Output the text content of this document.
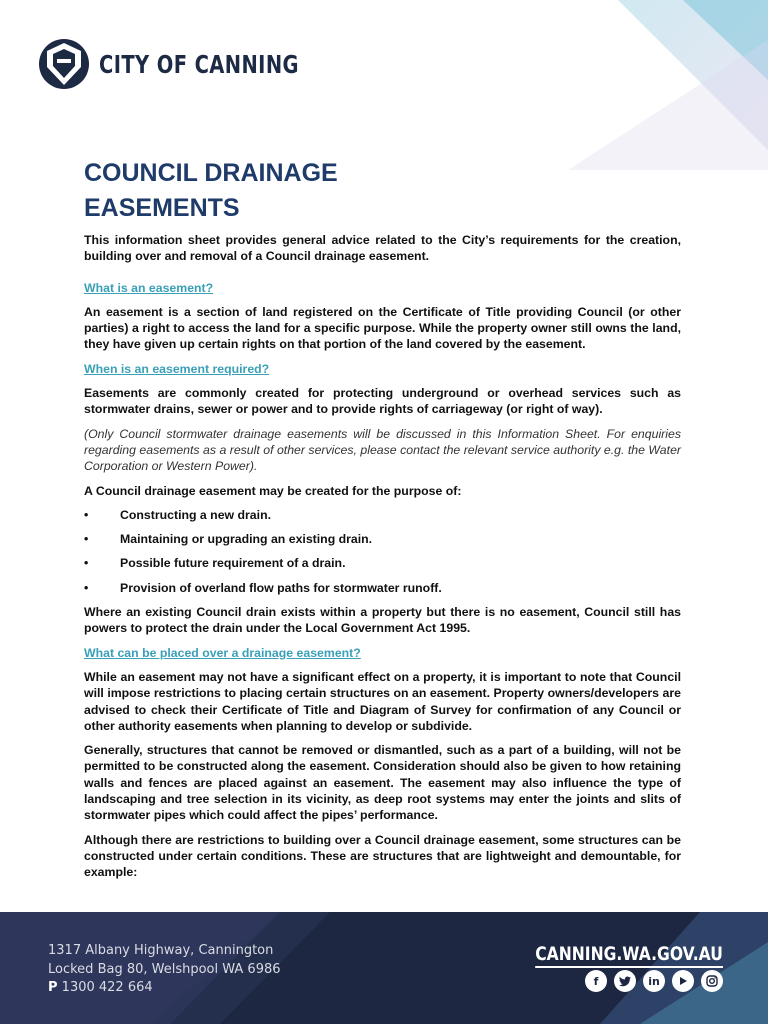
CITY OF CANNING
COUNCIL DRAINAGE
EASEMENTS

This information sheet provides general advice related to the City’s requirements for the creation, building over and removal of a Council drainage easement.

What is an easement?

An easement is a section of land registered on the Certificate of Title providing Council (or other parties) a right to access the land for a specific purpose. While the property owner still owns the land, they have given up certain rights on that portion of the land covered by the easement.

When is an easement required?

Easements are commonly created for protecting underground or overhead services such as stormwater drains, sewer or power and to provide rights of carriageway (or right of way).

(Only Council stormwater drainage easements will be discussed in this Information Sheet. For enquiries regarding easements as a result of other services, please contact the relevant service authority e.g. the Water Corporation or Western Power).

A Council drainage easement may be created for the purpose of:

•	Constructing a new drain.
•	Maintaining or upgrading an existing drain.
•	Possible future requirement of a drain.
•	Provision of overland flow paths for stormwater runoff.

Where an existing Council drain exists within a property but there is no easement, Council still has powers to protect the drain under the Local Government Act 1995.

What can be placed over a drainage easement?

While an easement may not have a significant effect on a property, it is important to note that Council will impose restrictions to placing certain structures on an easement. Property owners/developers are advised to check their Certificate of Title and Diagram of Survey for confirmation of any Council or other authority easements when planning to develop or subdivide.

Generally, structures that cannot be removed or dismantled, such as a part of a building, will not be permitted to be constructed along the easement. Consideration should also be given to how retaining walls and fences are placed against an easement. The easement may also influence the type of landscaping and tree selection in its vicinity, as deep root systems may enter the joints and slits of stormwater pipes which could affect the pipes’ performance.

Although there are restrictions to building over a Council drainage easement, some structures can be constructed under certain conditions. These are structures that are lightweight and demountable, for example:

1317 Albany Highway, Cannington
Locked Bag 80, Welshpool WA 6986
P 1300 422 664
CANNING.WA.GOV.AU
f	in
